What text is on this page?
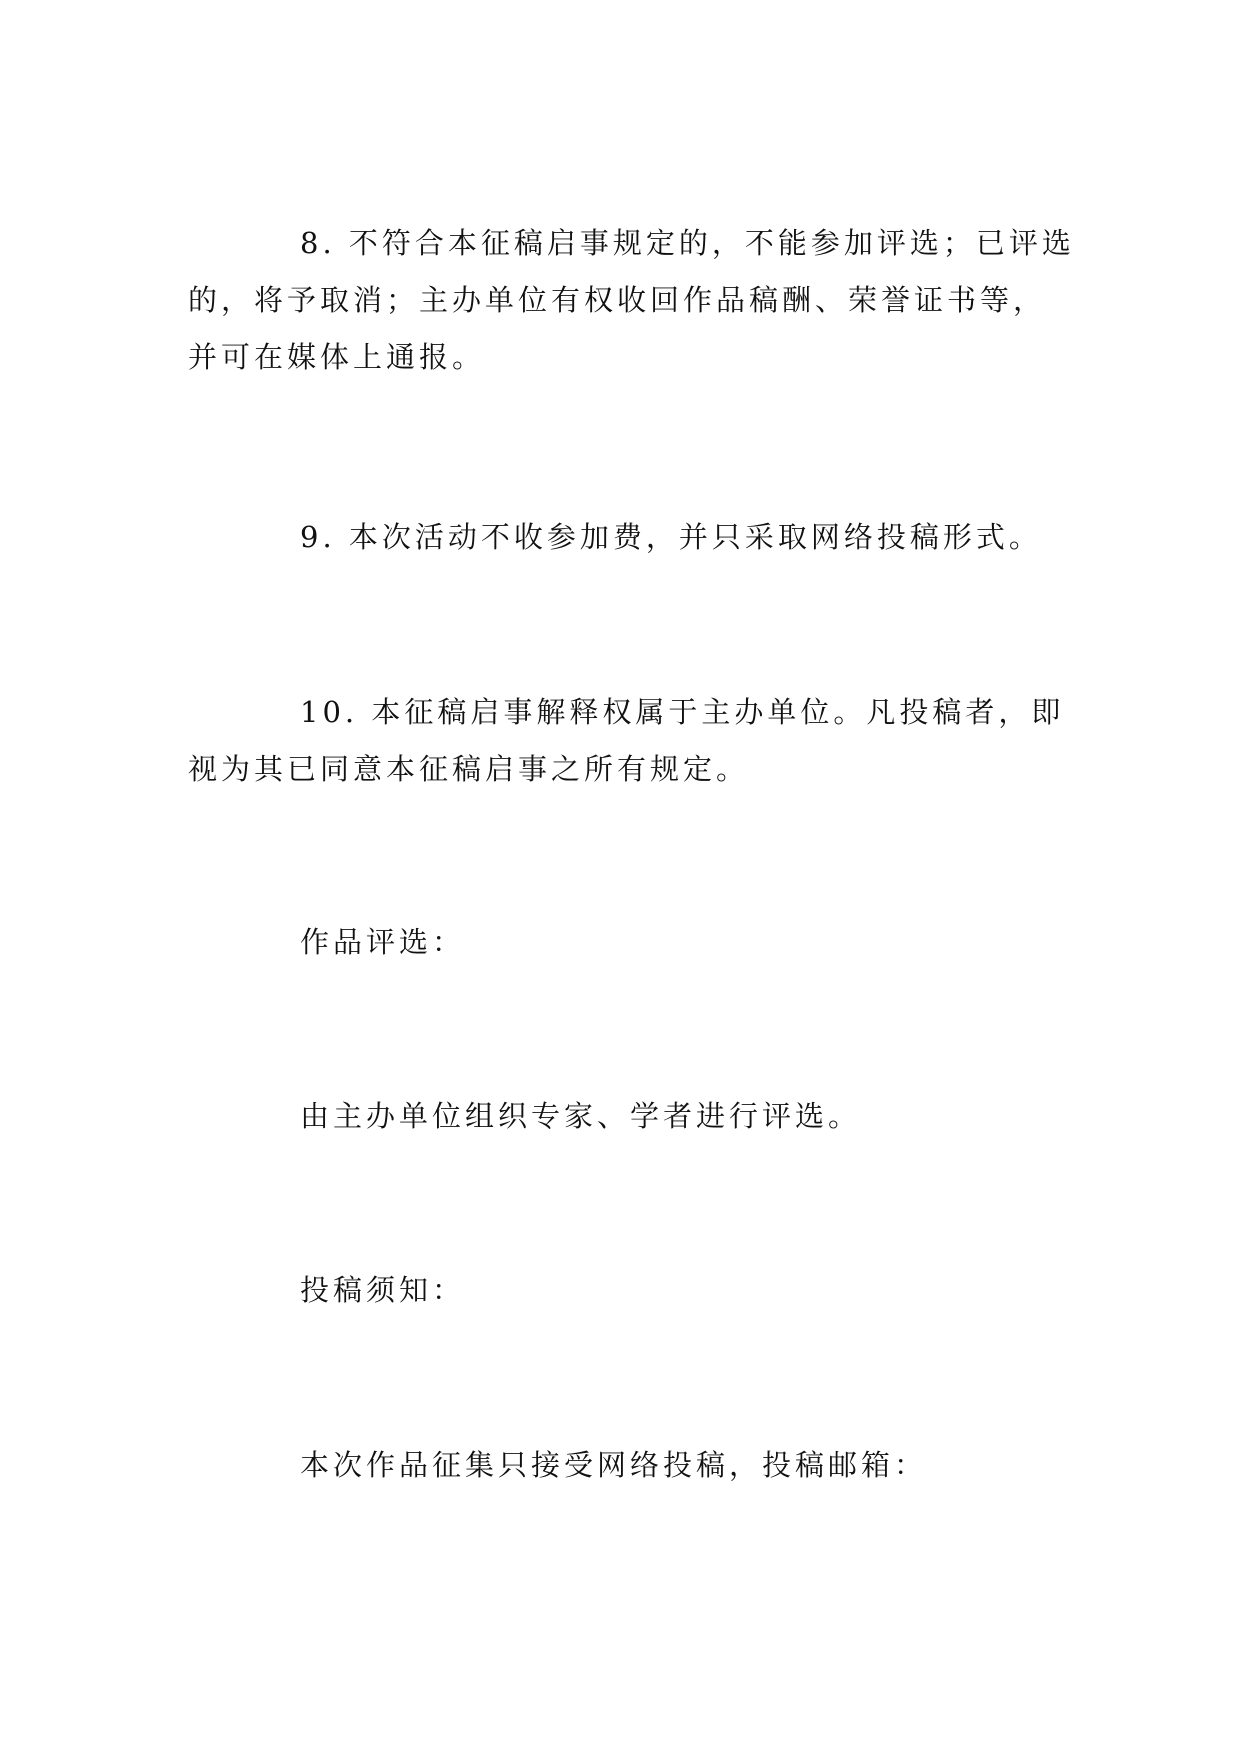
8. 不符合本征稿启事规定的，不能参加评选；已评选
的，将予取消；主办单位有权收回作品稿酬、荣誉证书等，
并可在媒体上通报。
9. 本次活动不收参加费，并只采取网络投稿形式。
10. 本征稿启事解释权属于主办单位。凡投稿者，即
视为其已同意本征稿启事之所有规定。
作品评选：
由主办单位组织专家、学者进行评选。
投稿须知：
本次作品征集只接受网络投稿，投稿邮箱：
